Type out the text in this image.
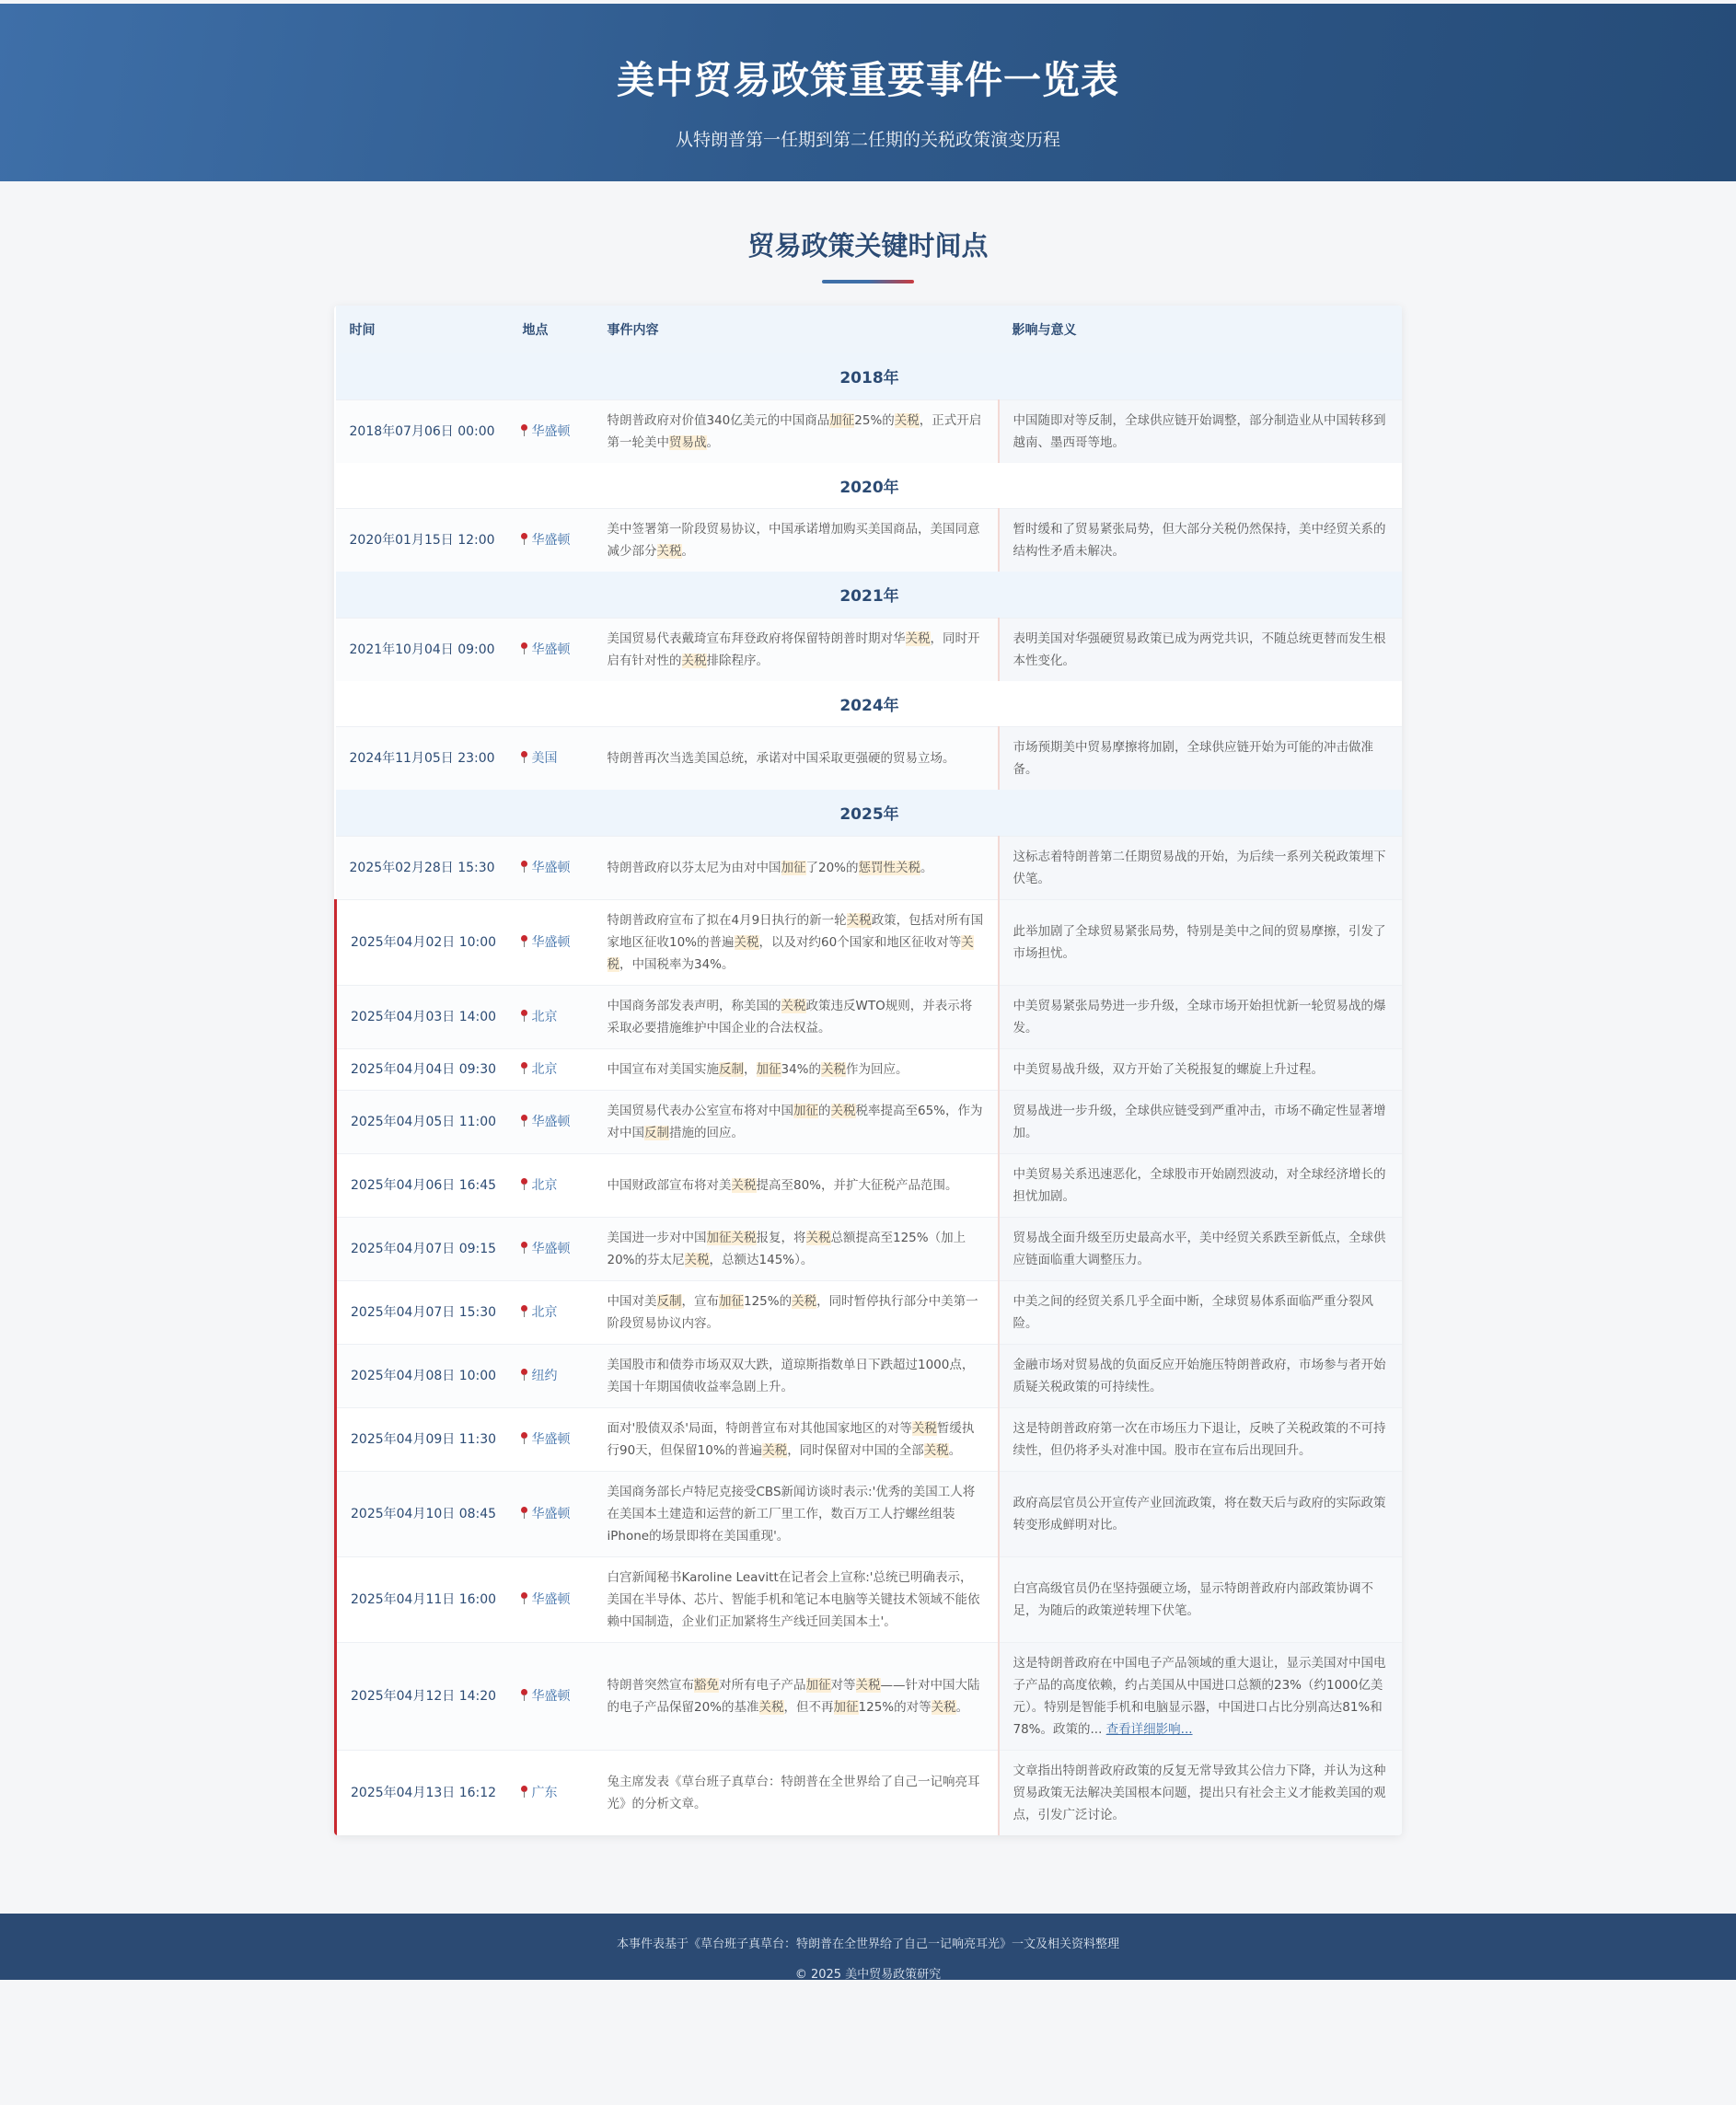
美中贸易政策重要事件一览表
从特朗普第一任期到第二任期的关税政策演变历程
贸易政策关键时间点
时间	地点	事件内容	影响与意义
2018年			
2018年07月06日 00:00	华盛顿	特朗普政府对价值340亿美元的中国商品加征25%的关税，正式开启第一轮美中贸易战。	中国随即对等反制，全球供应链开始调整，部分制造业从中国转移到越南、墨西哥等地。
2020年			
2020年01月15日 12:00	华盛顿	美中签署第一阶段贸易协议，中国承诺增加购买美国商品，美国同意减少部分关税。	暂时缓和了贸易紧张局势，但大部分关税仍然保持，美中经贸关系的结构性矛盾未解决。
2021年			
2021年10月04日 09:00	华盛顿	美国贸易代表戴琦宣布拜登政府将保留特朗普时期对华关税，同时开启有针对性的关税排除程序。	表明美国对华强硬贸易政策已成为两党共识，不随总统更替而发生根本性变化。
2024年			
2024年11月05日 23:00	美国	特朗普再次当选美国总统，承诺对中国采取更强硬的贸易立场。	市场预期美中贸易摩擦将加剧，全球供应链开始为可能的冲击做准备。
2025年			
2025年02月28日 15:30	华盛顿	特朗普政府以芬太尼为由对中国加征了20%的惩罚性关税。	这标志着特朗普第二任期贸易战的开始，为后续一系列关税政策埋下伏笔。
2025年04月02日 10:00	华盛顿	特朗普政府宣布了拟在4月9日执行的新一轮关税政策，包括对所有国家地区征收10%的普遍关税，以及对约60个国家和地区征收对等关税，中国税率为34%。	此举加剧了全球贸易紧张局势，特别是美中之间的贸易摩擦，引发了市场担忧。
2025年04月03日 14:00	北京	中国商务部发表声明，称美国的关税政策违反WTO规则，并表示将采取必要措施维护中国企业的合法权益。	中美贸易紧张局势进一步升级，全球市场开始担忧新一轮贸易战的爆发。
2025年04月04日 09:30	北京	中国宣布对美国实施反制，加征34%的关税作为回应。	中美贸易战升级，双方开始了关税报复的螺旋上升过程。
2025年04月05日 11:00	华盛顿	美国贸易代表办公室宣布将对中国加征的关税税率提高至65%，作为对中国反制措施的回应。	贸易战进一步升级，全球供应链受到严重冲击，市场不确定性显著增加。
2025年04月06日 16:45	北京	中国财政部宣布将对美关税提高至80%，并扩大征税产品范围。	中美贸易关系迅速恶化，全球股市开始剧烈波动，对全球经济增长的担忧加剧。
2025年04月07日 09:15	华盛顿	美国进一步对中国加征关税报复，将关税总额提高至125%（加上20%的芬太尼关税，总额达145%）。	贸易战全面升级至历史最高水平，美中经贸关系跌至新低点，全球供应链面临重大调整压力。
2025年04月07日 15:30	北京	中国对美反制，宣布加征125%的关税，同时暂停执行部分中美第一阶段贸易协议内容。	中美之间的经贸关系几乎全面中断，全球贸易体系面临严重分裂风险。
2025年04月08日 10:00	纽约	美国股市和债券市场双双大跌，道琼斯指数单日下跌超过1000点，美国十年期国债收益率急剧上升。	金融市场对贸易战的负面反应开始施压特朗普政府，市场参与者开始质疑关税政策的可持续性。
2025年04月09日 11:30	华盛顿	面对'股债双杀'局面，特朗普宣布对其他国家地区的对等关税暂缓执行90天，但保留10%的普遍关税，同时保留对中国的全部关税。	这是特朗普政府第一次在市场压力下退让，反映了关税政策的不可持续性，但仍将矛头对准中国。股市在宣布后出现回升。
2025年04月10日 08:45	华盛顿	美国商务部长卢特尼克接受CBS新闻访谈时表示:'优秀的美国工人将在美国本土建造和运营的新工厂里工作，数百万工人拧螺丝组装iPhone的场景即将在美国重现'。	政府高层官员公开宣传产业回流政策，将在数天后与政府的实际政策转变形成鲜明对比。
2025年04月11日 16:00	华盛顿	白宫新闻秘书Karoline Leavitt在记者会上宣称:'总统已明确表示，美国在半导体、芯片、智能手机和笔记本电脑等关键技术领域不能依赖中国制造，企业们正加紧将生产线迁回美国本土'。	白宫高级官员仍在坚持强硬立场，显示特朗普政府内部政策协调不足，为随后的政策逆转埋下伏笔。
2025年04月12日 14:20	华盛顿	特朗普突然宣布豁免对所有电子产品加征对等关税——针对中国大陆的电子产品保留20%的基准关税，但不再加征125%的对等关税。	这是特朗普政府在中国电子产品领域的重大退让，显示美国对中国电子产品的高度依赖，约占美国从中国进口总额的23%（约1000亿美元）。特别是智能手机和电脑显示器，中国进口占比分别高达81%和78%。政策的... 查看详细影响...
2025年04月13日 16:12	广东	兔主席发表《草台班子真草台：特朗普在全世界给了自己一记响亮耳光》的分析文章。	文章指出特朗普政府政策的反复无常导致其公信力下降，并认为这种贸易政策无法解决美国根本问题，提出只有社会主义才能救美国的观点，引发广泛讨论。
本事件表基于《草台班子真草台：特朗普在全世界给了自己一记响亮耳光》一文及相关资料整理
© 2025 美中贸易政策研究
